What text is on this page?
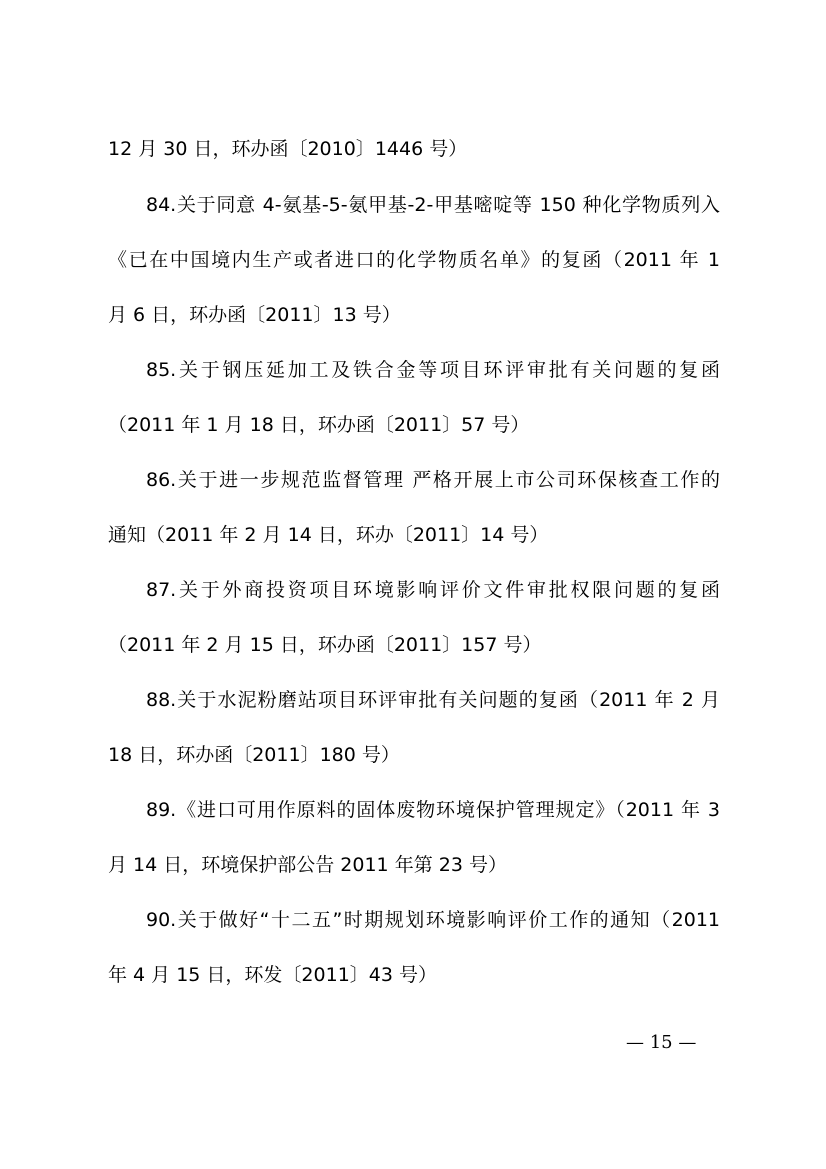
12 月 30 日，环办函〔2010〕1446 号）
84.关于同意 4-氨基-5-氨甲基-2-甲基嘧啶等 150 种化学物质列入
《已在中国境内生产或者进口的化学物质名单》的复函（2011 年 1
月 6 日，环办函〔2011〕13 号）
85.关于钢压延加工及铁合金等项目环评审批有关问题的复函
（2011 年 1 月 18 日，环办函〔2011〕57 号）
86.关于进一步规范监督管理 严格开展上市公司环保核查工作的
通知（2011 年 2 月 14 日，环办〔2011〕14 号）
87.关于外商投资项目环境影响评价文件审批权限问题的复函
（2011 年 2 月 15 日，环办函〔2011〕157 号）
88.关于水泥粉磨站项目环评审批有关问题的复函（2011 年 2 月
18 日，环办函〔2011〕180 号）
89.《进口可用作原料的固体废物环境保护管理规定》（2011 年 3
月 14 日，环境保护部公告 2011 年第 23 号）
90.关于做好“十二五”时期规划环境影响评价工作的通知（2011
年 4 月 15 日，环发〔2011〕43 号）
— 15 —
